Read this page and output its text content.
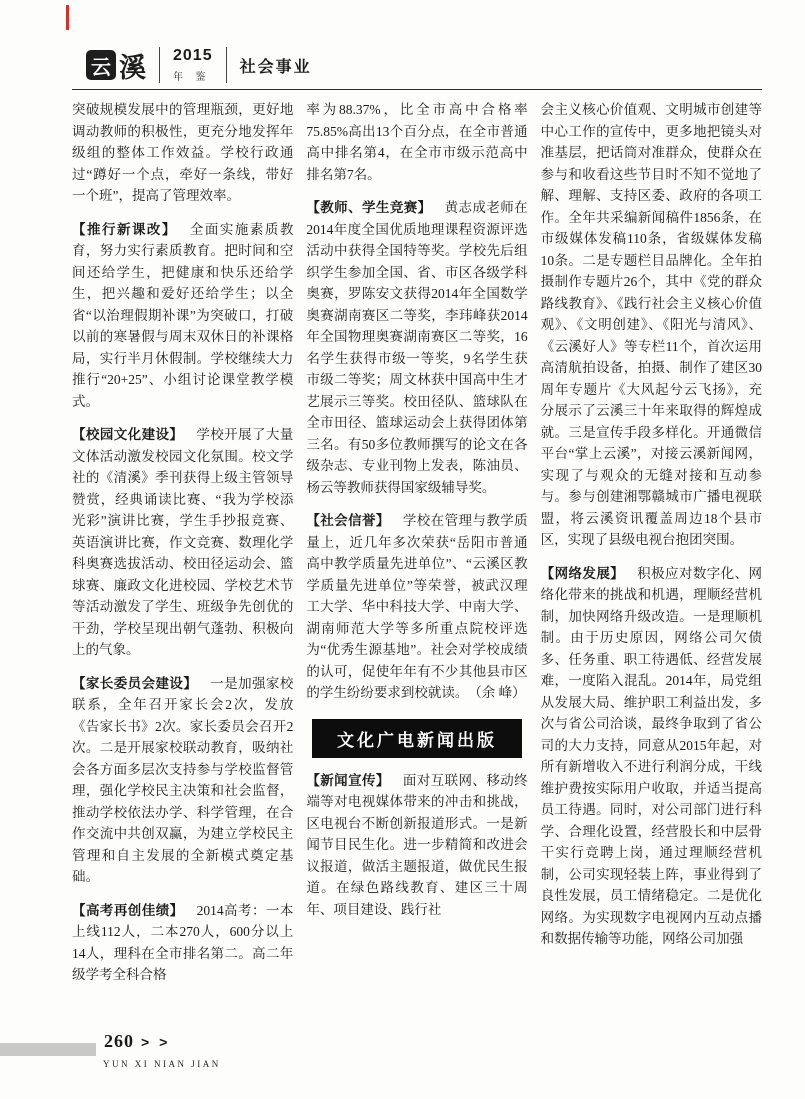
云 溪 2015
年 鉴
社会事业

突破规模发展中的管理瓶颈，更好地调动教师的积极性，更充分地发挥年级组的整体工作效益。学校行政通过“蹲好一个点，牵好一条线，带好一个班”，提高了管理效率。

【推行新课改】 全面实施素质教育，努力实行素质教育。把时间和空间还给学生，把健康和快乐还给学生，把兴趣和爱好还给学生；以全省“以治理假期补课”为突破口，打破以前的寒暑假与周末双休日的补课格局，实行半月休假制。学校继续大力推行“20+25”、小组讨论课堂教学模式。

【校园文化建设】 学校开展了大量文体活动激发校园文化氛围。校文学社的《清溪》季刊获得上级主管领导赞赏，经典诵读比赛、“我为学校添光彩”演讲比赛，学生手抄报竞赛、英语演讲比赛，作文竞赛、数理化学科奥赛选拔活动、校田径运动会、篮球赛、廉政文化进校园、学校艺术节等活动激发了学生、班级争先创优的干劲，学校呈现出朝气蓬勃、积极向上的气象。

【家长委员会建设】 一是加强家校联系，全年召开家长会2次，发放《告家长书》2次。家长委员会召开2次。二是开展家校联动教育，吸纳社会各方面多层次支持参与学校监督管理，强化学校民主决策和社会监督，推动学校依法办学、科学管理，在合作交流中共创双赢，为建立学校民主管理和自主发展的全新模式奠定基础。

【高考再创佳绩】 2014高考：一本上线112人，二本270人，600分以上14人，理科在全市排名第二。高二年级学考全科合格

率为88.37%，比全市高中合格率75.85%高出13个百分点，在全市普通高中排名第4，在全市市级示范高中排名第7名。

【教师、学生竞赛】 黄志成老师在2014年度全国优质地理课程资源评选活动中获得全国特等奖。学校先后组织学生参加全国、省、市区各级学科奥赛，罗陈安文获得2014年全国数学奥赛湖南赛区二等奖，李玮峰获2014年全国物理奥赛湖南赛区二等奖，16名学生获得市级一等奖，9名学生获市级二等奖；周文林获中国高中生才艺展示三等奖。校田径队、篮球队在全市田径、篮球运动会上获得团体第三名。有50多位教师撰写的论文在各级杂志、专业刊物上发表，陈油员、杨云等教师获得国家级辅导奖。

【社会信誉】 学校在管理与教学质量上，近几年多次荣获“岳阳市普通高中教学质量先进单位”、“云溪区教学质量先进单位”等荣誉，被武汉理工大学、华中科技大学、中南大学、湖南师范大学等多所重点院校评选为“优秀生源基地”。社会对学校成绩的认可，促使年年有不少其他县市区的学生纷纷要求到校就读。 （余 峰）

文化广电新闻出版

【新闻宣传】 面对互联网、移动终端等对电视媒体带来的冲击和挑战，区电视台不断创新报道形式。一是新闻节目民生化。进一步精简和改进会议报道，做活主题报道，做优民生报道。在绿色路线教育、建区三十周年、项目建设、践行社

会主义核心价值观、文明城市创建等中心工作的宣传中，更多地把镜头对准基层，把话筒对准群众，使群众在参与和收看这些节目时不知不觉地了解、理解、支持区委、政府的各项工作。全年共采编新闻稿件1856条，在市级媒体发稿110条，省级媒体发稿10条。二是专题栏目品牌化。全年拍摄制作专题片26个，其中《党的群众路线教育》、《践行社会主义核心价值观》、《文明创建》、《阳光与清风》、《云溪好人》等专栏11个，首次运用高清航拍设备，拍摄、制作了建区30周年专题片《大风起兮云飞扬》，充分展示了云溪三十年来取得的辉煌成就。三是宣传手段多样化。开通微信平台“掌上云溪”，对接云溪新闻网，实现了与观众的无缝对接和互动参与。参与创建湘鄂赣城市广播电视联盟，将云溪资讯覆盖周边18个县市区，实现了县级电视台抱团突围。

【网络发展】 积极应对数字化、网络化带来的挑战和机遇，理顺经营机制，加快网络升级改造。一是理顺机制。由于历史原因，网络公司欠债多、任务重、职工待遇低、经营发展难，一度陷入混乱。2014年，局党组从发展大局、维护职工利益出发，多次与省公司洽谈，最终争取到了省公司的大力支持，同意从2015年起，对所有新增收入不进行利润分成，干线维护费按实际用户收取，并适当提高员工待遇。同时，对公司部门进行科学、合理化设置，经营股长和中层骨干实行竞聘上岗，通过理顺经营机制，公司实现轻装上阵，事业得到了良性发展，员工情绪稳定。二是优化网络。为实现数字电视网内互动点播和数据传输等功能，网络公司加强

260 > >
YUN XI NIAN JIAN
